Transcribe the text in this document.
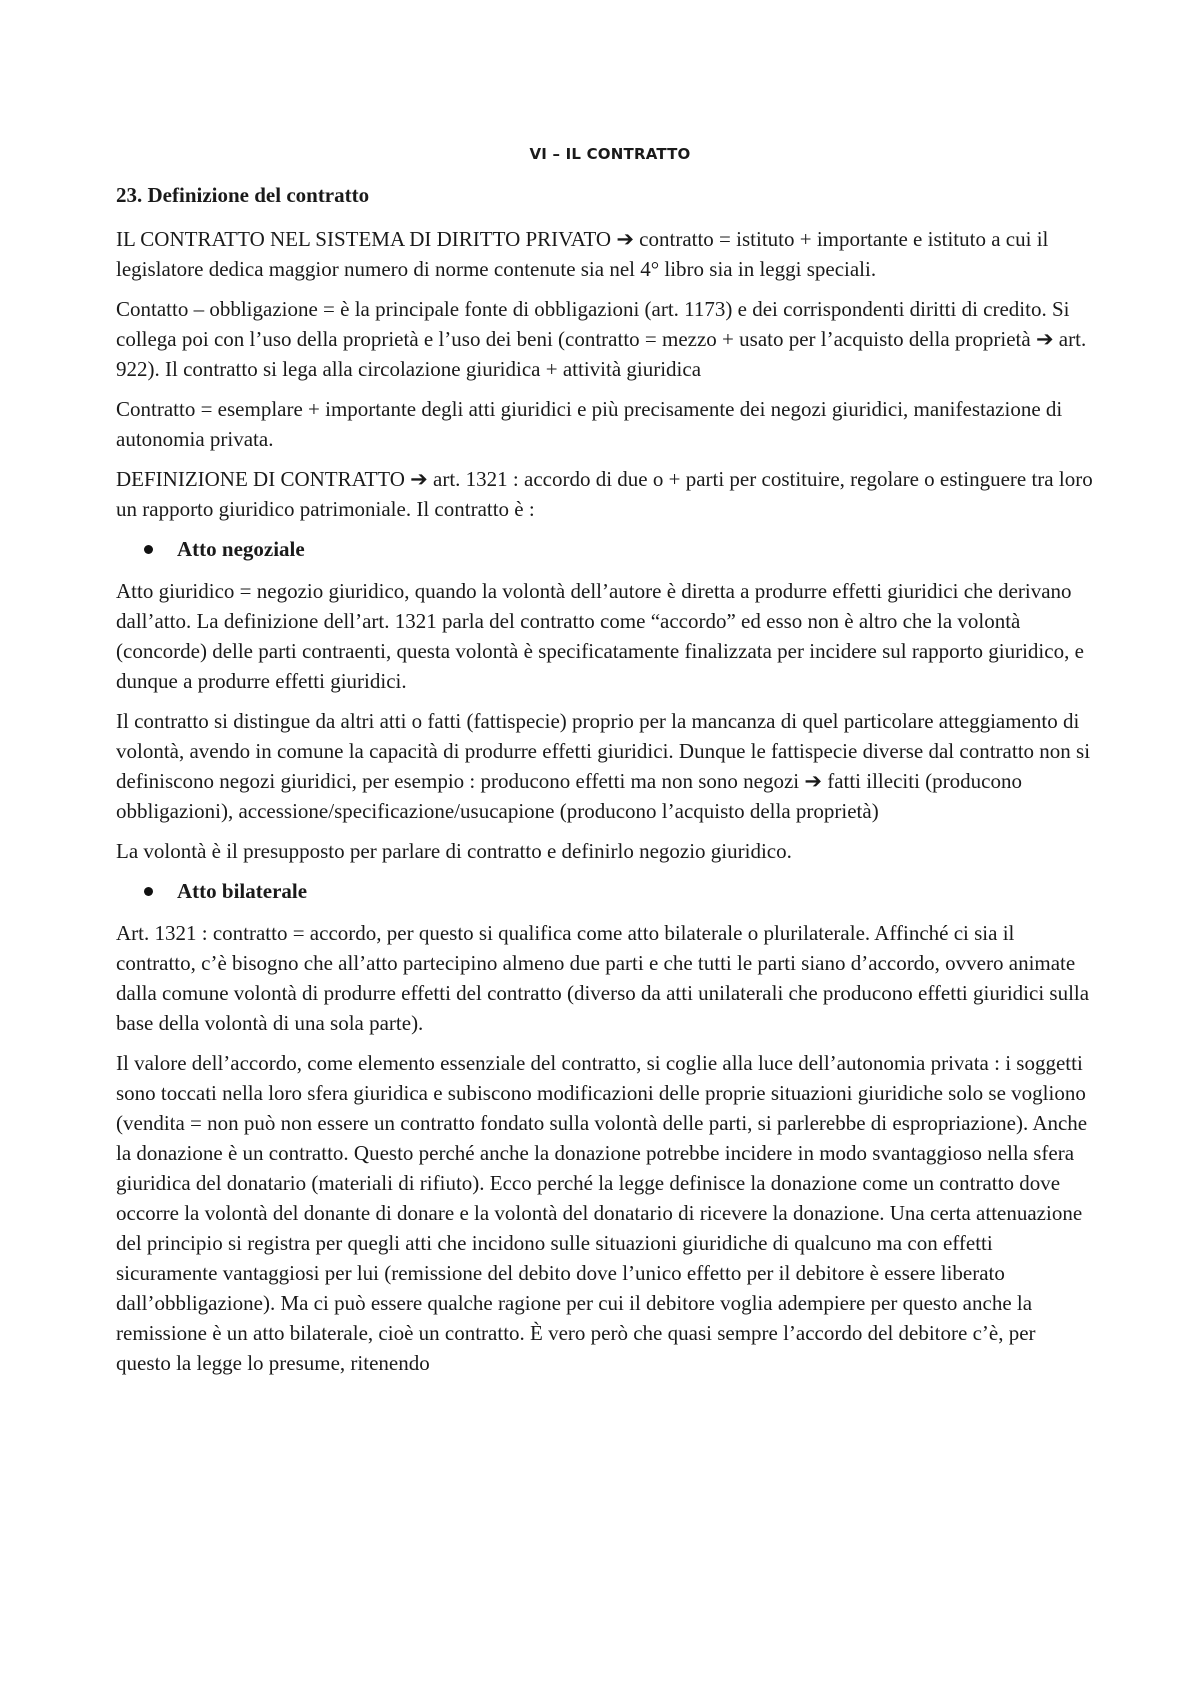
VI – IL CONTRATTO
23. Definizione del contratto

IL CONTRATTO NEL SISTEMA DI DIRITTO PRIVATO ➔ contratto = istituto + importante e istituto a cui il legislatore dedica maggior numero di norme contenute sia nel 4° libro sia in leggi speciali.

Contatto – obbligazione = è la principale fonte di obbligazioni (art. 1173) e dei corrispondenti diritti di credito. Si collega poi con l’uso della proprietà e l’uso dei beni (contratto = mezzo + usato per l’acquisto della proprietà ➔ art. 922). Il contratto si lega alla circolazione giuridica + attività giuridica

Contratto = esemplare + importante degli atti giuridici e più precisamente dei negozi giuridici, manifestazione di autonomia privata.

DEFINIZIONE DI CONTRATTO ➔ art. 1321 : accordo di due o + parti per costituire, regolare o estinguere tra loro un rapporto giuridico patrimoniale. Il contratto è :

Atto negoziale

Atto giuridico = negozio giuridico, quando la volontà dell’autore è diretta a produrre effetti giuridici che derivano dall’atto. La definizione dell’art. 1321 parla del contratto come “accordo” ed esso non è altro che la volontà (concorde) delle parti contraenti, questa volontà è specificatamente finalizzata per incidere sul rapporto giuridico, e dunque a produrre effetti giuridici.

Il contratto si distingue da altri atti o fatti (fattispecie) proprio per la mancanza di quel particolare atteggiamento di volontà, avendo in comune la capacità di produrre effetti giuridici. Dunque le fattispecie diverse dal contratto non si definiscono negozi giuridici, per esempio : producono effetti ma non sono negozi ➔ fatti illeciti (producono obbligazioni), accessione/specificazione/usucapione (producono l’acquisto della proprietà)

La volontà è il presupposto per parlare di contratto e definirlo negozio giuridico.

Atto bilaterale

Art. 1321 : contratto = accordo, per questo si qualifica come atto bilaterale o plurilaterale. Affinché ci sia il contratto, c’è bisogno che all’atto partecipino almeno due parti e che tutti le parti siano d’accordo, ovvero animate dalla comune volontà di produrre effetti del contratto (diverso da atti unilaterali che producono effetti giuridici sulla base della volontà di una sola parte).

Il valore dell’accordo, come elemento essenziale del contratto, si coglie alla luce dell’autonomia privata : i soggetti sono toccati nella loro sfera giuridica e subiscono modificazioni delle proprie situazioni giuridiche solo se vogliono (vendita = non può non essere un contratto fondato sulla volontà delle parti, si parlerebbe di espropriazione). Anche la donazione è un contratto. Questo perché anche la donazione potrebbe incidere in modo svantaggioso nella sfera giuridica del donatario (materiali di rifiuto). Ecco perché la legge definisce la donazione come un contratto dove occorre la volontà del donante di donare e la volontà del donatario di ricevere la donazione. Una certa attenuazione del principio si registra per quegli atti che incidono sulle situazioni giuridiche di qualcuno ma con effetti sicuramente vantaggiosi per lui (remissione del debito dove l’unico effetto per il debitore è essere liberato dall’obbligazione). Ma ci può essere qualche ragione per cui il debitore voglia adempiere per questo anche la remissione è un atto bilaterale, cioè un contratto. È vero però che quasi sempre l’accordo del debitore c’è, per questo la legge lo presume, ritenendo
